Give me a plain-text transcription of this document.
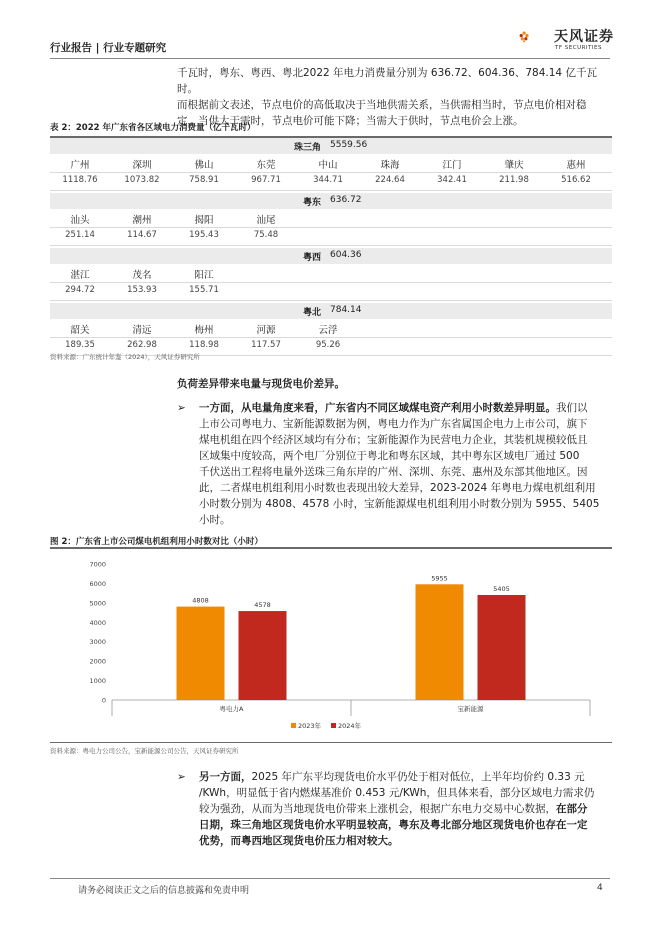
行业报告 | 行业专题研究
天风证券
TF SECURITIES
千瓦时，粤东、粤西、粤北2022 年电力消费量分别为 636.72、604.36、784.14 亿千瓦时。
而根据前文表述，节点电价的高低取决于当地供需关系，当供需相当时，节点电价相对稳
定，当供大于需时，节点电价可能下降；当需大于供时，节点电价会上涨。
表 2：2022 年广东省各区域电力消费量（亿千瓦时）
珠三角 5559.56
广州
1118.76
深圳
1073.82
佛山
758.91
东莞
967.71
中山
344.71
珠海
224.64
江门
342.41
肇庆
211.98
惠州
516.62
粤东 636.72
汕头
251.14
潮州
114.67
揭阳
195.43
汕尾
75.48
粤西 604.36
湛江
294.72
茂名
153.93
阳江
155.71
粤北 784.14
韶关
189.35
清远
262.98
梅州
118.98
河源
117.57
云浮
95.26
资料来源：广东统计年鉴（2024），天风证券研究所
负荷差异带来电量与现货电价差异。
➢ 一方面，从电量角度来看，广东省内不同区域煤电资产利用小时数差异明显。我们以
上市公司粤电力、宝新能源数据为例，粤电力作为广东省属国企电力上市公司，旗下
煤电机组在四个经济区域均有分布；宝新能源作为民营电力企业，其装机规模较低且
区域集中度较高，两个电厂分别位于粤北和粤东区域，其中粤东区域电厂通过 500
千伏送出工程将电量外送珠三角东岸的广州、深圳、东莞、惠州及东部其他地区。因
此，二者煤电机组利用小时数也表现出较大差异，2023-2024 年粤电力煤电机组利用
小时数分别为 4808、4578 小时，宝新能源煤电机组利用小时数分别为 5955、5405
小时。
图 2：广东省上市公司煤电机组利用小时数对比（小时）
0
1000
2000
3000
4000
5000
6000
7000
4808
4578
粤电力A
5955
5405
宝新能源
2023年	2024年
资料来源：粤电力公司公告，宝新能源公司公告，天风证券研究所
➢ 另一方面，2025 年广东平均现货电价水平仍处于相对低位，上半年均价约 0.33 元
/KWh，明显低于省内燃煤基准价 0.453 元/KWh，但具体来看，部分区域电力需求仍
较为强劲，从而为当地现货电价带来上涨机会，根据广东电力交易中心数据，在部分
日期，珠三角地区现货电价水平明显较高，粤东及粤北部分地区现货电价也存在一定
优势，而粤西地区现货电价压力相对较大。
请务必阅读正文之后的信息披露和免责申明	4
